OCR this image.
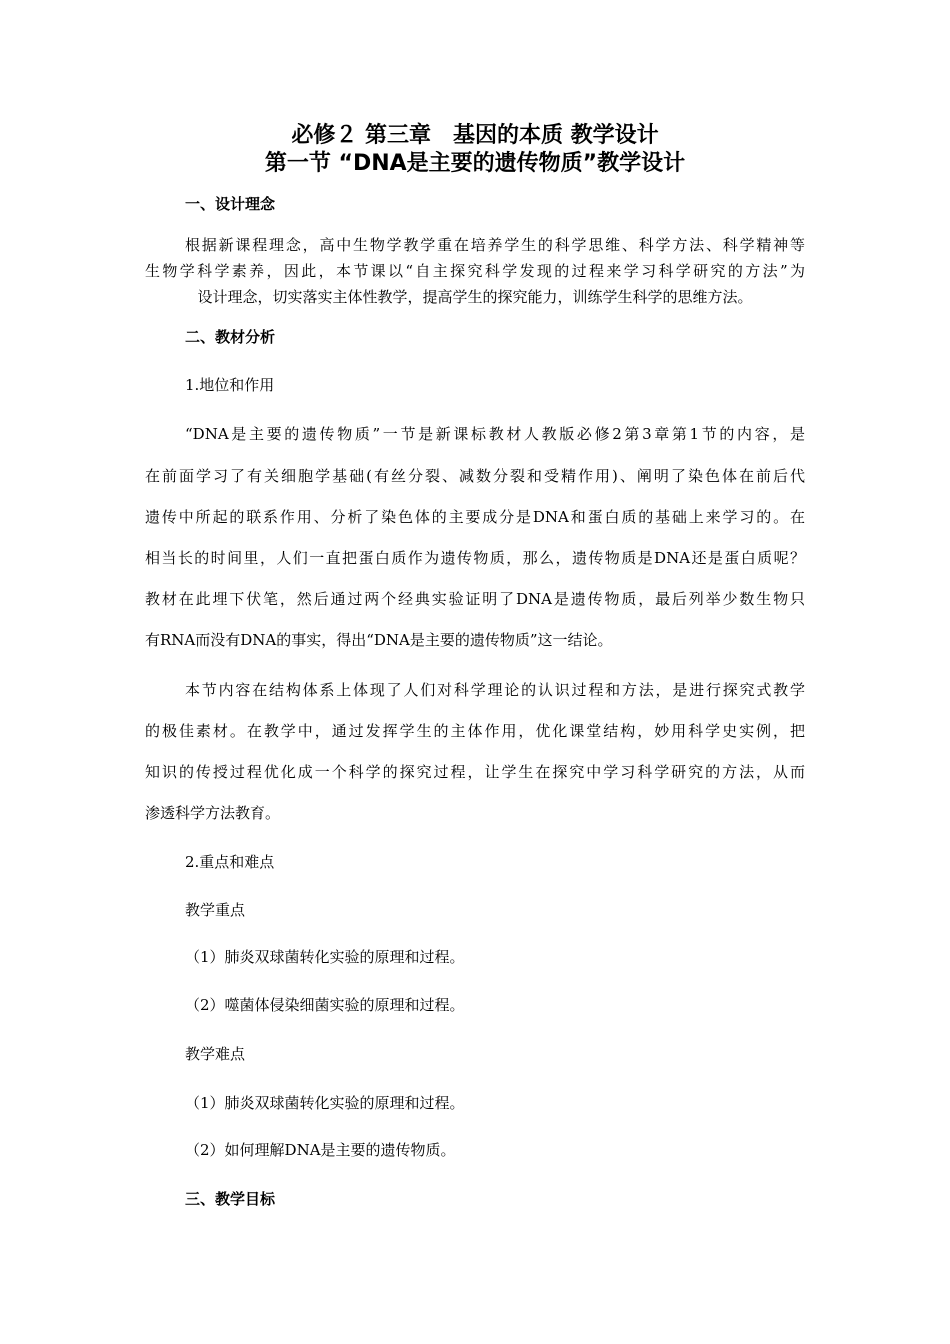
必修２ 第三章　基因的本质 教学设计
第一节 “DNA是主要的遗传物质”教学设计
一、设计理念
根据新课程理念，高中生物学教学重在培养学生的科学思维、科学方法、科学精神等
生物学科学素养，因此，本节课以“自主探究科学发现的过程来学习科学研究的方法”为
设计理念，切实落实主体性教学，提高学生的探究能力，训练学生科学的思维方法。
二、教材分析
1.地位和作用
“DNA是主要的遗传物质”一节是新课标教材人教版必修2第3章第1节的内容，是
在前面学习了有关细胞学基础(有丝分裂、减数分裂和受精作用)、阐明了染色体在前后代
遗传中所起的联系作用、分析了染色体的主要成分是DNA和蛋白质的基础上来学习的。在
相当长的时间里，人们一直把蛋白质作为遗传物质，那么，遗传物质是DNA还是蛋白质呢？
教材在此埋下伏笔，然后通过两个经典实验证明了DNA是遗传物质，最后列举少数生物只
有RNA而没有DNA的事实，得出“DNA是主要的遗传物质”这一结论。
本节内容在结构体系上体现了人们对科学理论的认识过程和方法，是进行探究式教学
的极佳素材。在教学中，通过发挥学生的主体作用，优化课堂结构，妙用科学史实例，把
知识的传授过程优化成一个科学的探究过程，让学生在探究中学习科学研究的方法，从而
渗透科学方法教育。
2.重点和难点
教学重点
（1）肺炎双球菌转化实验的原理和过程。
（2）噬菌体侵染细菌实验的原理和过程。
教学难点
（1）肺炎双球菌转化实验的原理和过程。
（2）如何理解DNA是主要的遗传物质。
三、教学目标
